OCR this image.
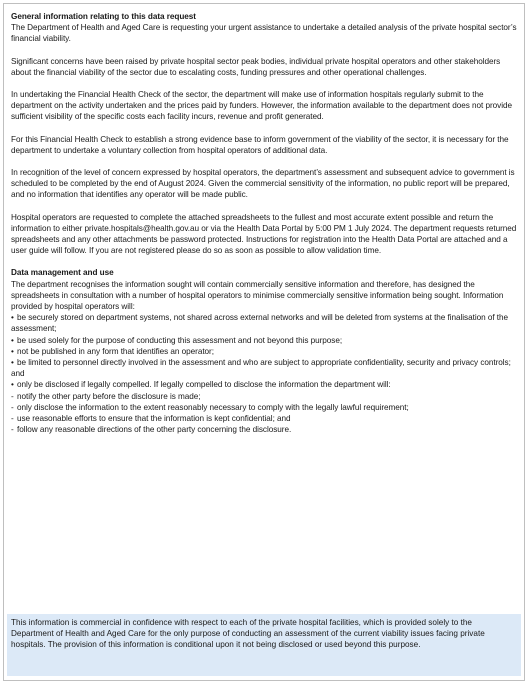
General information relating to this data request

The Department of Health and Aged Care is requesting your urgent assistance to undertake a detailed analysis of the private hospital sector’s financial viability.

Significant concerns have been raised by private hospital sector peak bodies, individual private hospital operators and other stakeholders about the financial viability of the sector due to escalating costs, funding pressures and other operational challenges.

In undertaking the Financial Health Check of the sector, the department will make use of information hospitals regularly submit to the department on the activity undertaken and the prices paid by funders. However, the information available to the department does not provide sufficient visibility of the specific costs each facility incurs, revenue and profit generated.

For this Financial Health Check to establish a strong evidence base to inform government of the viability of the sector, it is necessary for the department to undertake a voluntary collection from hospital operators of additional data.

In recognition of the level of concern expressed by hospital operators, the department’s assessment and subsequent advice to government is scheduled to be completed by the end of August 2024. Given the commercial sensitivity of the information, no public report will be prepared, and no information that identifies any operator will be made public.

Hospital operators are requested to complete the attached spreadsheets to the fullest and most accurate extent possible and return the information to either private.hospitals@health.gov.au or via the Health Data Portal by 5:00 PM 1 July 2024. The department requests returned spreadsheets and any other attachments be password protected. Instructions for registration into the Health Data Portal are attached and a user guide will follow. If you are not registered please do so as soon as possible to allow validation time.

Data management and use

The department recognises the information sought will contain commercially sensitive information and therefore, has designed the spreadsheets in consultation with a number of hospital operators to minimise commercially sensitive information being sought. Information provided by hospital operators will:

• be securely stored on department systems, not shared across external networks and will be deleted from systems at the finalisation of the assessment;
• be used solely for the purpose of conducting this assessment and not beyond this purpose;
• not be published in any form that identifies an operator;
• be limited to personnel directly involved in the assessment and who are subject to appropriate confidentiality, security and privacy controls; and
• only be disclosed if legally compelled. If legally compelled to disclose the information the department will:
- notify the other party before the disclosure is made;
- only disclose the information to the extent reasonably necessary to comply with the legally lawful requirement;
- use reasonable efforts to ensure that the information is kept confidential; and
- follow any reasonable directions of the other party concerning the disclosure.
This information is commercial in confidence with respect to each of the private hospital facilities, which is provided solely to the Department of Health and Aged Care for the only purpose of conducting an assessment of the current viability issues facing private hospitals. The provision of this information is conditional upon it not being disclosed or used beyond this purpose.
